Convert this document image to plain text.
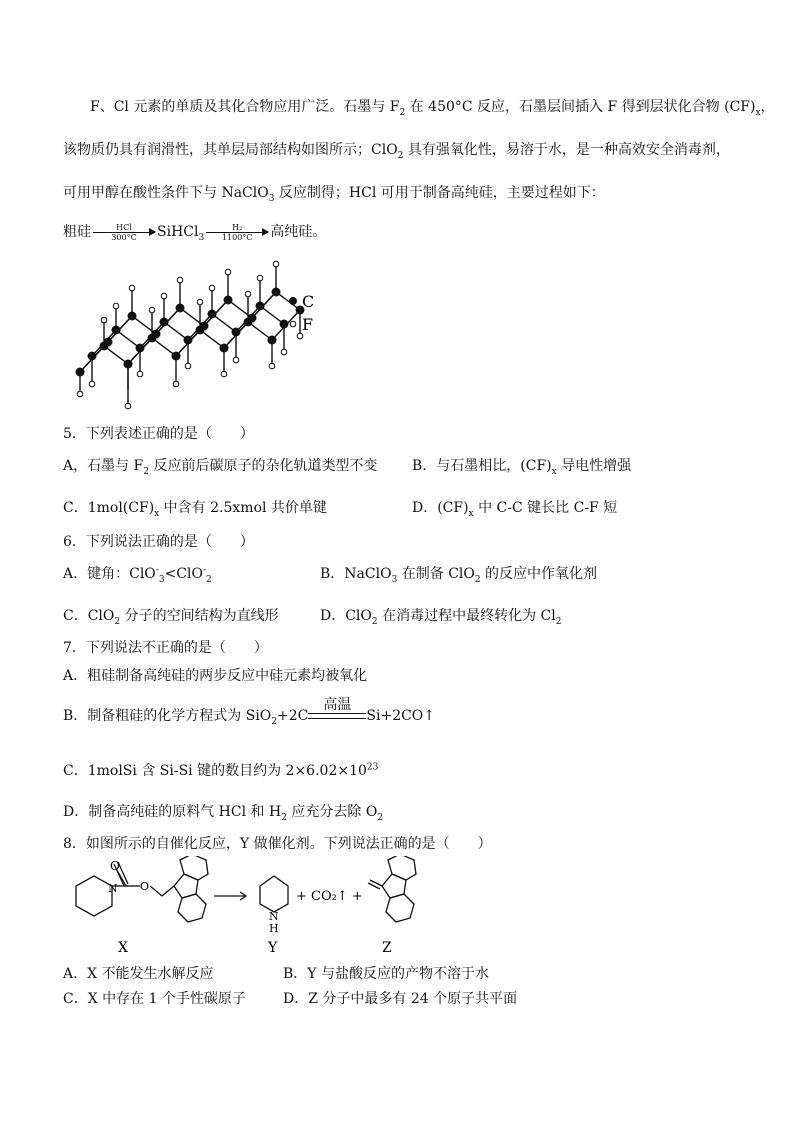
F、Cl 元素的单质及其化合物应用广泛。石墨与 $F_2$ 在 450°C 反应，石墨层间插入 F 得到层状化合物 $(CF)_x$，
该物质仍具有润滑性，其单层局部结构如图所示；ClO$_2$ 具有强氧化性，易溶于水，是一种高效安全消毒剂，
可用甲醇在酸性条件下与 NaClO$_3$ 反应制得；HCl 可用于制备高纯硅，主要过程如下：
粗硅	HCl
300°C	SiHCl$_3$ $\frac{\text{H₂}}{1100^\circ C}$ 高纯硅。
C
F
5．下列表述正确的是（　　）
A，石墨与 $F_2$ 反应前后碳原子的杂化轨道类型不变 B．与石墨相比，$(CF)_x$ 导电性增强
C．$1mol(CF)_x$ 中含有 2.5xmol 共价单键	D．$(CF)_x$ 中 C-C 键长比 C-F 短
6．下列说法正确的是（　　）
A．键角：ClO-$_3$<ClO-$_2$	B．NaClO$_3$ 在制备 ClO$_2$ 的反应中作氧化剂
C．ClO$_2$ 分子的空间结构为直线形	D．ClO$_2$ 在消毒过程中最终转化为 $Cl_2$
7．下列说法不正确的是（　　）
A．粗硅制备高纯硅的两步反应中硅元素均被氧化
B．制备粗硅的化学方程式为 SiO$_2$+2C
高温
Si+2CO↑
C．1molSi 含 Si-Si 键的数目约为 $2\times 6.02\times 10^{23}$
D．制备高纯硅的原料气 HCl 和 $H_2$ 应充分去除 $O_2$
8．如图所示的自催化反应，Y 做催化剂。下列说法正确的是（　　）
O
N O
X
N
H
Y
+ CO₂↑ +
Z
A．X 不能发生水解反应	B．Y 与盐酸反应的产物不溶于水
C．X 中存在 1 个手性碳原子	D．Z 分子中最多有 24 个原子共平面
